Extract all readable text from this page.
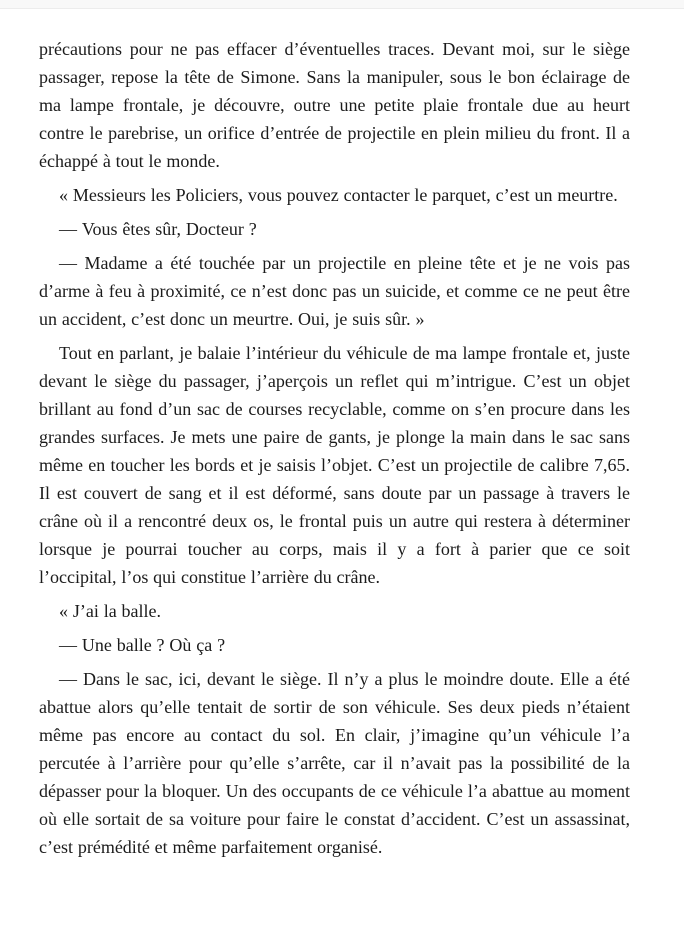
précautions pour ne pas effacer d’éventuelles traces. Devant moi, sur le siège passager, repose la tête de Simone. Sans la manipuler, sous le bon éclairage de ma lampe frontale, je découvre, outre une petite plaie frontale due au heurt contre le parebrise, un orifice d’entrée de projectile en plein milieu du front. Il a échappé à tout le monde.

« Messieurs les Policiers, vous pouvez contacter le parquet, c’est un meurtre.

— Vous êtes sûr, Docteur ?

— Madame a été touchée par un projectile en pleine tête et je ne vois pas d’arme à feu à proximité, ce n’est donc pas un suicide, et comme ce ne peut être un accident, c’est donc un meurtre. Oui, je suis sûr. »

Tout en parlant, je balaie l’intérieur du véhicule de ma lampe frontale et, juste devant le siège du passager, j’aperçois un reflet qui m’intrigue. C’est un objet brillant au fond d’un sac de courses recyclable, comme on s’en procure dans les grandes surfaces. Je mets une paire de gants, je plonge la main dans le sac sans même en toucher les bords et je saisis l’objet. C’est un projectile de calibre 7,65. Il est couvert de sang et il est déformé, sans doute par un passage à travers le crâne où il a rencontré deux os, le frontal puis un autre qui restera à déterminer lorsque je pourrai toucher au corps, mais il y a fort à parier que ce soit l’occipital, l’os qui constitue l’arrière du crâne.

« J’ai la balle.

— Une balle ? Où ça ?

— Dans le sac, ici, devant le siège. Il n’y a plus le moindre doute. Elle a été abattue alors qu’elle tentait de sortir de son véhicule. Ses deux pieds n’étaient même pas encore au contact du sol. En clair, j’imagine qu’un véhicule l’a percutée à l’arrière pour qu’elle s’arrête, car il n’avait pas la possibilité de la dépasser pour la bloquer. Un des occupants de ce véhicule l’a abattue au moment où elle sortait de sa voiture pour faire le constat d’accident. C’est un assassinat, c’est prémédité et même parfaitement organisé.
